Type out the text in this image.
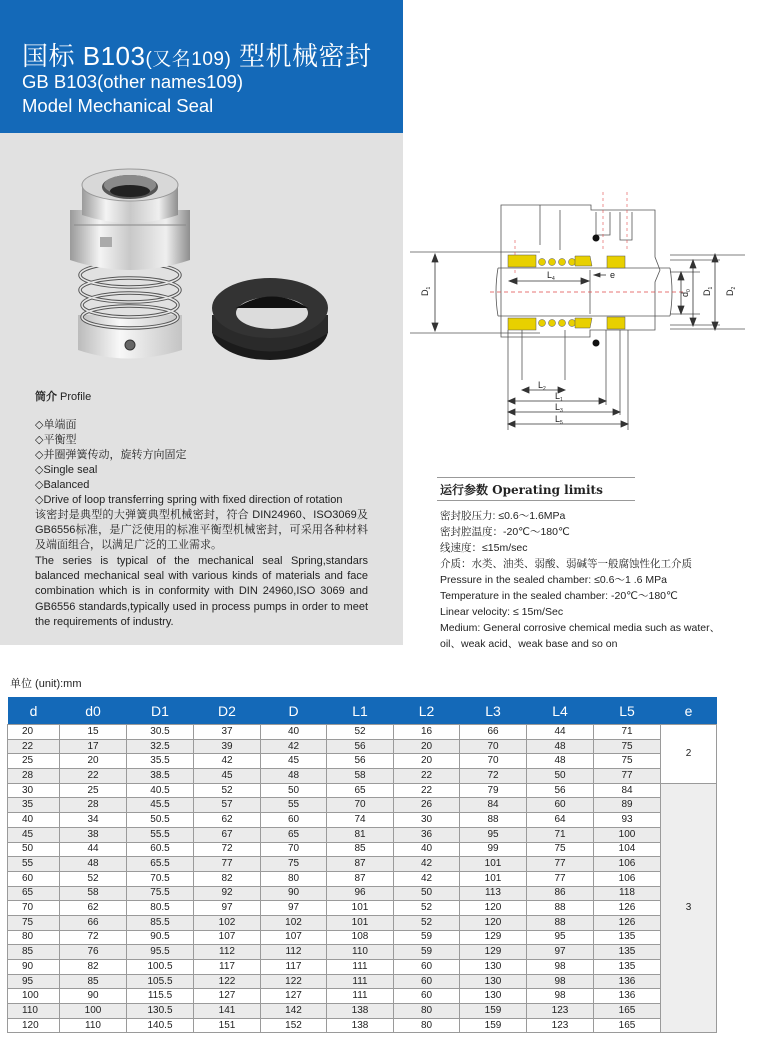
国标 B103(又名109) 型机械密封
GB B103(other names109)
Model Mechanical Seal
筒介 Profile
◇单端面
◇平衡型
◇并圈弹簧传动，旋转方向固定
◇Single seal
◇Balanced
◇Drive of loop transferring spring with fixed direction of rotation
该密封是典型的大弹簧典型机械密封，符合 DIN24960、ISO3069及GB6556标准，是广泛使用的标准平衡型机械密封，可采用各种材料及端面组合，以满足广泛的工业需求。
The series is typical of the mechanical seal Spring,standars balanced mechanical seal with various kinds of materials and face combination which is in conformity with DIN 24960,ISO 3069 and GB6556 standards,typically used in process pumps in order to meet the requirements of industry.
$D_1$
$d_0$ $D_1$
$D_2$
$L_4$	e
$L_2$
$L_1$
$L_3$
$L_5$
运行参数 Operating limits
密封胶压力: ≤0.6～1.6MPa
密封腔温度：-20℃～180℃
线速度：≤15m/sec
介质：水类、油类、弱酸、弱碱等一般腐蚀性化工介质
Pressure in the sealed chamber: ≤0.6～1 .6 MPa
Temperature in the sealed chamber: -20℃～180℃
Linear velocity: ≤ 15m/Sec
Medium: General corrosive chemical media such as water、
oil、weak acid、weak base and so on
单位 (unit):mm
d	d0	D1	D2	D	L1	L2	L3	L4	L5	e
20	15	30.5	37	40	52	16	66	44	71	2
22	17	32.5	39	42	56	20	70	48	75	
25	20	35.5	42	45	56	20	70	48	75	
28	22	38.5	45	48	58	22	72	50	77	
30	25	40.5	52	50	65	22	79	56	84	3
35	28	45.5	57	55	70	26	84	60	89	
40	34	50.5	62	60	74	30	88	64	93	
45	38	55.5	67	65	81	36	95	71	100	
50	44	60.5	72	70	85	40	99	75	104	
55	48	65.5	77	75	87	42	101	77	106	
60	52	70.5	82	80	87	42	101	77	106	
65	58	75.5	92	90	96	50	113	86	118	
70	62	80.5	97	97	101	52	120	88	126	
75	66	85.5	102	102	101	52	120	88	126	
80	72	90.5	107	107	108	59	129	95	135	
85	76	95.5	112	112	110	59	129	97	135	
90	82	100.5	117	117	111	60	130	98	135	
95	85	105.5	122	122	111	60	130	98	136	
100	90	115.5	127	127	111	60	130	98	136	
110	100	130.5	141	142	138	80	159	123	165	
120	110	140.5	151	152	138	80	159	123	165	
